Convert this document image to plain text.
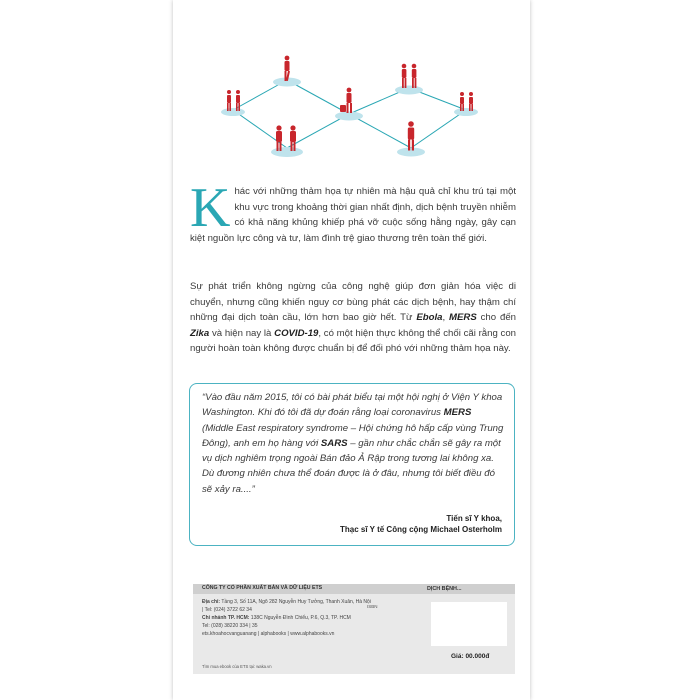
Khác với những thảm họa tự nhiên mà hậu quả chỉ khu trú tại một khu vực trong khoảng thời gian nhất định, dịch bệnh truyền nhiễm có khả năng khủng khiếp phá vỡ cuộc sống hằng ngày, gây cạn kiệt nguồn lực công và tư, làm đình trệ giao thương trên toàn thế giới.
Sự phát triển không ngừng của công nghệ giúp đơn giản hóa việc di chuyển, nhưng cũng khiến nguy cơ bùng phát các dịch bệnh, hay thậm chí những đại dịch toàn cầu, lớn hơn bao giờ hết. Từ Ebola, MERS cho đến Zika và hiện nay là COVID-19, có một hiện thực không thể chối cãi rằng con người hoàn toàn không được chuẩn bị để đối phó với những thảm họa này.
“Vào đầu năm 2015, tôi có bài phát biểu tại một hội nghị ở Viện Y khoa Washington. Khi đó tôi đã dự đoán rằng loại coronavirus MERS (Middle East respiratory syndrome – Hội chứng hô hấp cấp vùng Trung Đông), anh em họ hàng với SARS – gần như chắc chắn sẽ gây ra một vụ dịch nghiêm trọng ngoài Bán đảo Ả Rập trong tương lai không xa. Dù đương nhiên chưa thể đoán được là ở đâu, nhưng tôi biết điều đó sẽ xảy ra....”
Tiến sĩ Y khoa,
Thạc sĩ Y tế Công cộng Michael Osterholm
CÔNG TY CỔ PHẦN XUẤT BẢN VÀ DỮ LIỆU ETS
Địa chỉ: Tầng 3, Số 11A, Ngõ 282 Nguyễn Huy Tưởng, Thanh Xuân, Hà Nội
| Tel: (024) 3722 62 34
Chi nhánh TP. HCM: 138C Nguyễn Đình Chiểu, P.6, Q.3, TP. HCM
Tel: (028) 38220 334 | 35
ets.khoahocvanguanang | alphabooks | www.alphabooks.vn
ISBN
DỊCH BỆNH...
Giá: 00.000đ
Tìm mua ebook của ETS tại: waka.vn
